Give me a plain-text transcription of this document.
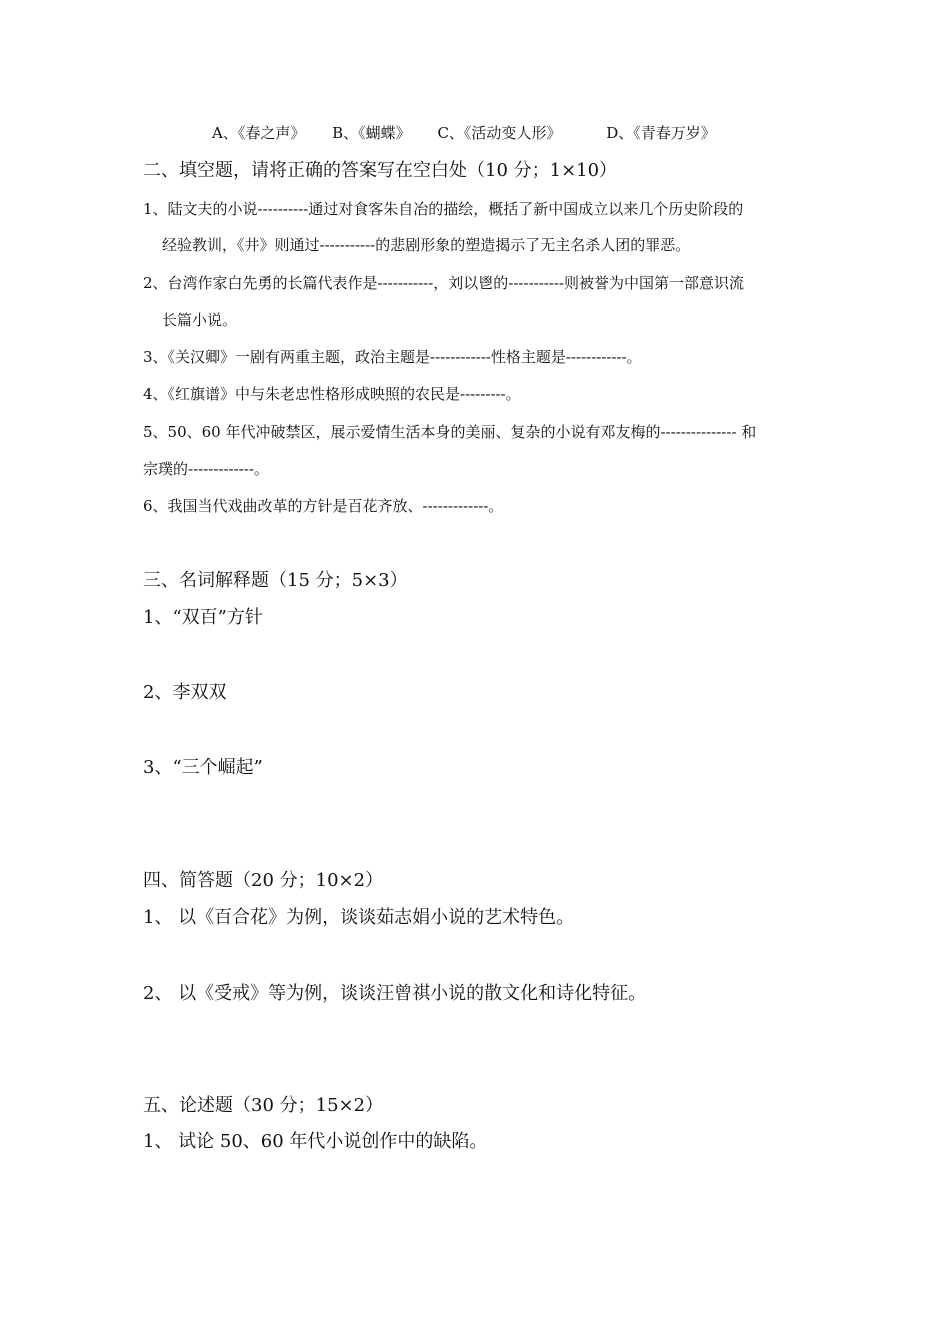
A、《春之声》 B、《蝴蝶》 C、《活动变人形》	D、《青春万岁》
二、填空题，请将正确的答案写在空白处（10 分；1×10）
1、陆文夫的小说----------通过对食客朱自冶的描绘，概括了新中国成立以来几个历史阶段的
经验教训，《井》则通过-----------的悲剧形象的塑造揭示了无主名杀人团的罪恶。
2、台湾作家白先勇的长篇代表作是-----------，刘以鬯的-----------则被誉为中国第一部意识流
长篇小说。
3、《关汉卿》一剧有两重主题，政治主题是------------性格主题是------------。
4、《红旗谱》中与朱老忠性格形成映照的农民是---------。
5、50、60 年代冲破禁区，展示爱情生活本身的美丽、复杂的小说有邓友梅的--------------- 和
宗璞的-------------。
6、我国当代戏曲改革的方针是百花齐放、-------------。
三、名词解释题（15 分；5×3）
1、“双百”方针
2、李双双
3、“三个崛起”
四、简答题（20 分；10×2）
1、 以《百合花》为例，谈谈茹志娟小说的艺术特色。
2、 以《受戒》等为例，谈谈汪曾祺小说的散文化和诗化特征。
五、论述题（30 分；15×2）
1、 试论 50、60 年代小说创作中的缺陷。
